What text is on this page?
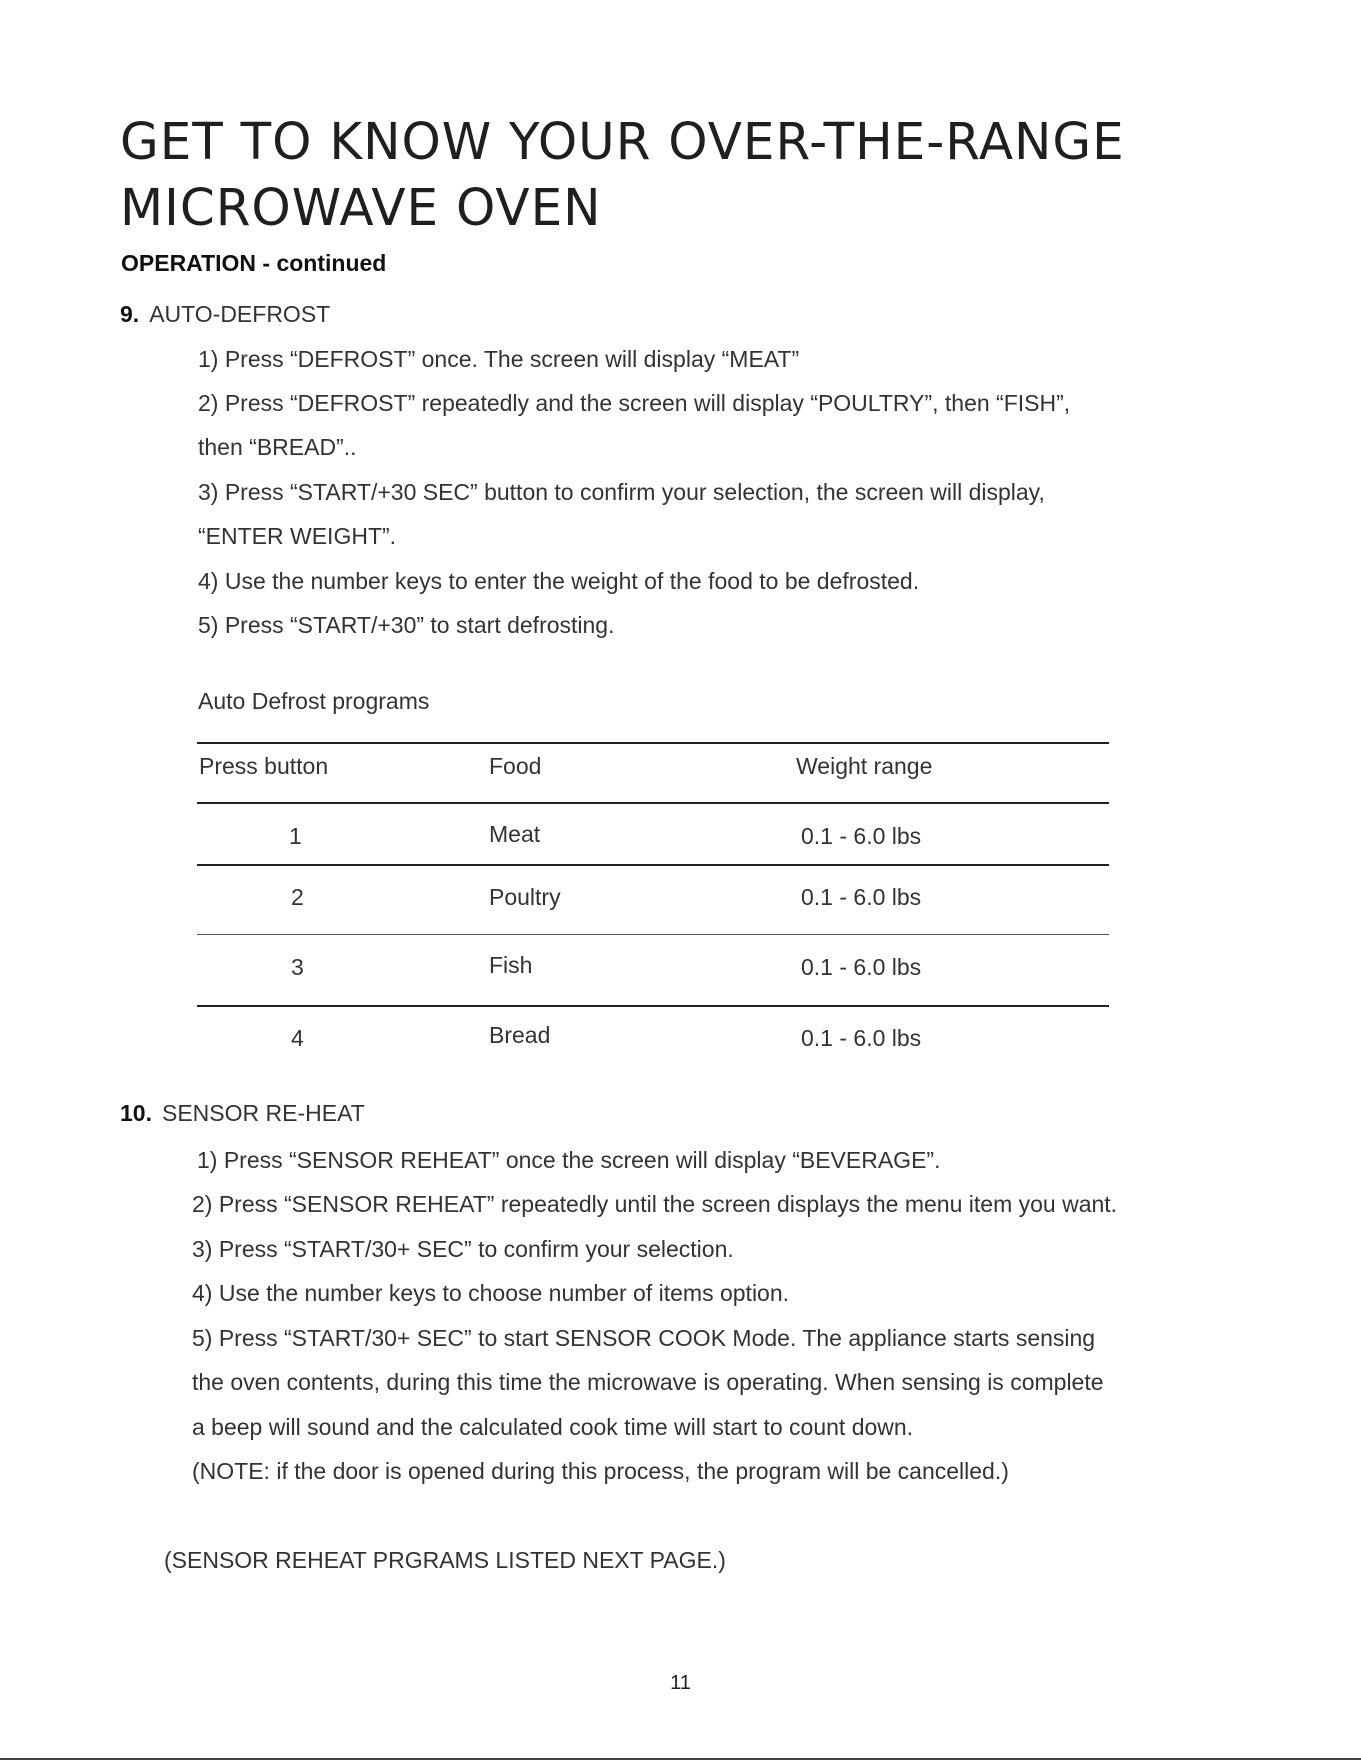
GET TO KNOW YOUR OVER-THE-RANGE
MICROWAVE OVEN

OPERATION - continued

9. AUTO-DEFROST
1) Press “DEFROST” once. The screen will display “MEAT”
2) Press “DEFROST” repeatedly and the screen will display “POULTRY”, then “FISH”,
then “BREAD”..
3) Press “START/+30 SEC” button to confirm your selection, the screen will display,
“ENTER WEIGHT”.
4) Use the number keys to enter the weight of the food to be defrosted.
5) Press “START/+30” to start defrosting.
Auto Defrost programs
Press button	Food	Weight range
1	Meat	0.1 - 6.0 lbs
2	Poultry	0.1 - 6.0 lbs
3	Fish	0.1 - 6.0 lbs
4	Bread	0.1 - 6.0 lbs
10. SENSOR RE-HEAT
1) Press “SENSOR REHEAT” once the screen will display “BEVERAGE”.
2) Press “SENSOR REHEAT” repeatedly until the screen displays the menu item you want.
3) Press “START/30+ SEC” to confirm your selection.
4) Use the number keys to choose number of items option.
5) Press “START/30+ SEC” to start SENSOR COOK Mode. The appliance starts sensing
the oven contents, during this time the microwave is operating. When sensing is complete
a beep will sound and the calculated cook time will start to count down.
(NOTE: if the door is opened during this process, the program will be cancelled.)
(SENSOR REHEAT PRGRAMS LISTED NEXT PAGE.)
11
